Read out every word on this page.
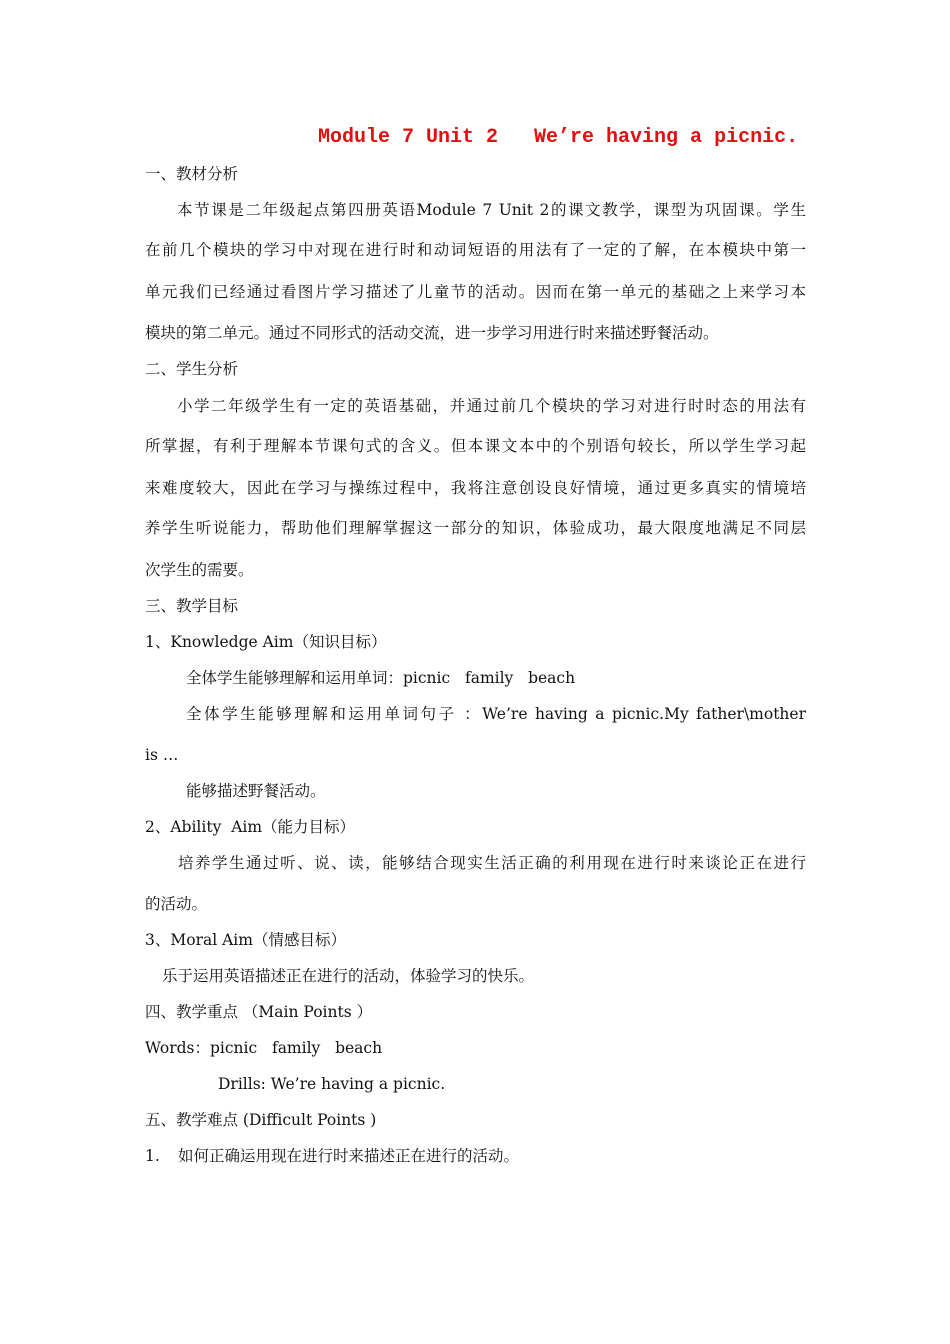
Module 7 Unit 2   We’re having a picnic.
一、教材分析
本节课是二年级起点第四册英语Module 7 Unit 2的课文教学，课型为巩固课。学生
在前几个模块的学习中对现在进行时和动词短语的用法有了一定的了解，在本模块中第一
单元我们已经通过看图片学习描述了儿童节的活动。因而在第一单元的基础之上来学习本
模块的第二单元。通过不同形式的活动交流，进一步学习用进行时来描述野餐活动。
二、学生分析
小学二年级学生有一定的英语基础，并通过前几个模块的学习对进行时时态的用法有
所掌握，有利于理解本节课句式的含义。但本课文本中的个别语句较长，所以学生学习起
来难度较大，因此在学习与操练过程中，我将注意创设良好情境，通过更多真实的情境培
养学生听说能力，帮助他们理解掌握这一部分的知识，体验成功，最大限度地满足不同层
次学生的需要。
三、教学目标
1、Knowledge Aim（知识目标）
全体学生能够理解和运用单词：picnic   family   beach
全体学生能够理解和运用单词句子 ：We’re having a picnic.My father\mother
is …
能够描述野餐活动。
2、Ability  Aim（能力目标）
培养学生通过听、说、读，能够结合现实生活正确的利用现在进行时来谈论正在进行
的活动。
3、Moral Aim（情感目标）
乐于运用英语描述正在进行的活动，体验学习的快乐。
四、教学重点 （Main Points ）
Words：picnic   family   beach
Drills: We’re having a picnic.
五、教学难点 (Difficult Points )
1. 如何正确运用现在进行时来描述正在进行的活动。
